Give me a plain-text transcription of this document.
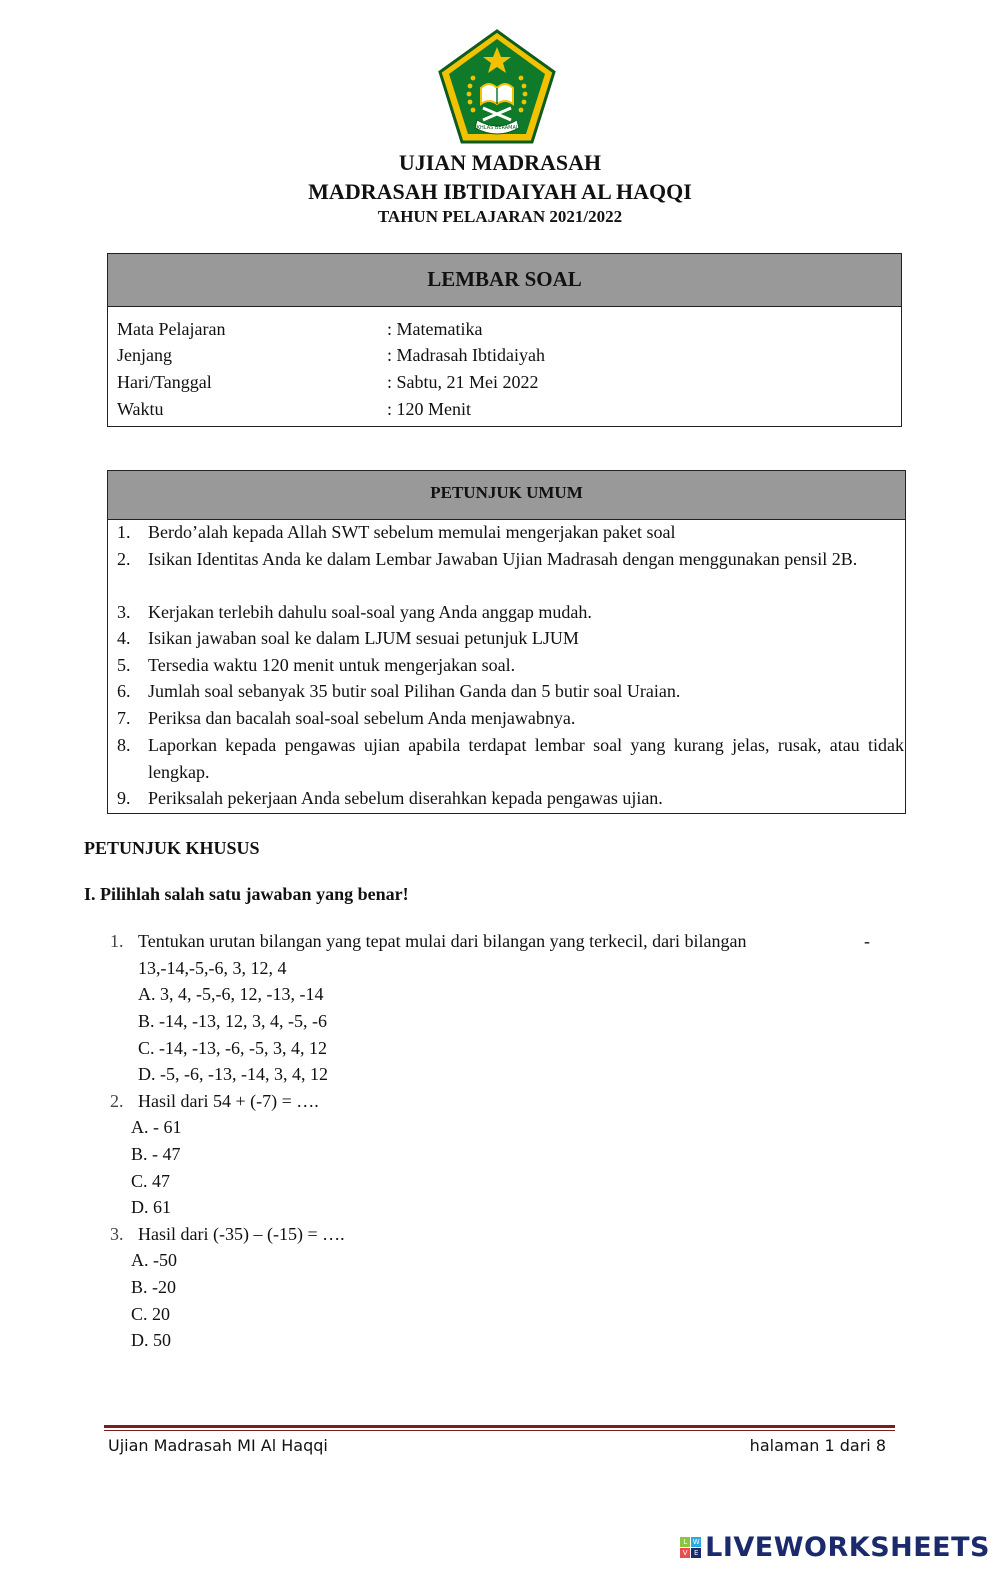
IKHLAS BERAMAL
UJIAN MADRASAH
MADRASAH IBTIDAIYAH AL HAQQI
TAHUN PELAJARAN 2021/2022
LEMBAR SOAL
Mata Pelajaran	: Matematika
Jenjang	: Madrasah Ibtidaiyah
Hari/Tanggal	: Sabtu, 21 Mei 2022
Waktu	: 120 Menit
PETUNJUK UMUM
1. Berdo’alah kepada Allah SWT sebelum memulai mengerjakan paket soal
2. Isikan Identitas Anda ke dalam Lembar Jawaban Ujian Madrasah dengan menggunakan pensil 2B.
3. Kerjakan terlebih dahulu soal-soal yang Anda anggap mudah.
4. Isikan jawaban soal ke dalam LJUM sesuai petunjuk LJUM
5. Tersedia waktu 120 menit untuk mengerjakan soal.
6. Jumlah soal sebanyak 35 butir soal Pilihan Ganda dan 5 butir soal Uraian.
7. Periksa dan bacalah soal-soal sebelum Anda menjawabnya.
8. Laporkan kepada pengawas ujian apabila terdapat lembar soal yang kurang jelas, rusak, atau tidak lengkap.
9. Periksalah pekerjaan Anda sebelum diserahkan kepada pengawas ujian.
PETUNJUK KHUSUS
I. Pilihlah salah satu jawaban yang benar!
1. Tentukan urutan bilangan yang tepat mulai dari bilangan yang terkecil, dari bilangan	-
13,-14,-5,-6, 3, 12, 4
A. 3, 4, -5,-6, 12, -13, -14
B. -14, -13, 12, 3, 4, -5, -6
C. -14, -13, -6, -5, 3, 4, 12
D. -5, -6, -13, -14, 3, 4, 12
2. Hasil dari 54 + (-7) = ….
A. - 61
B. - 47
C. 47
D. 61
3. Hasil dari (-35) – (-15) = ….
A. -50
B. -20
C. 20
D. 50
Ujian Madrasah MI Al Haqqi	halaman 1 dari 8
L W
V E LIVEWORKSHEETS
